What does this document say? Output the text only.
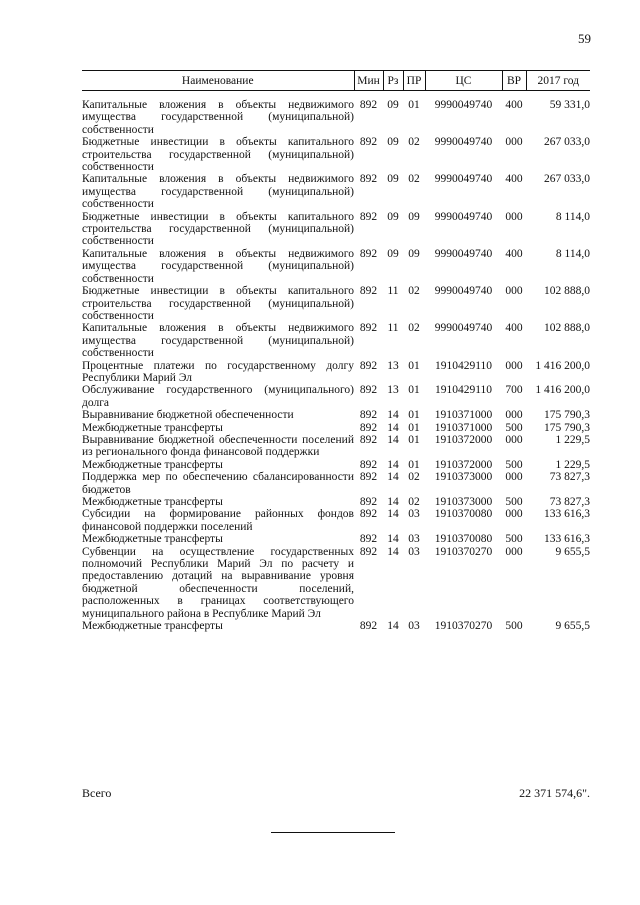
59
Наименование	Мин	Рз	ПР	ЦС	ВР	2017 год
Капитальные вложения в объекты недвижимого имущества государственной (муниципальной) собственности	892	09	01	9990049740	400	59 331,0
Бюджетные инвестиции в объекты капитального строительства государственной (муниципальной) собственности	892	09	02	9990049740	000	267 033,0
Капитальные вложения в объекты недвижимого имущества государственной (муниципальной) собственности	892	09	02	9990049740	400	267 033,0
Бюджетные инвестиции в объекты капитального строительства государственной (муниципальной) собственности	892	09	09	9990049740	000	8 114,0
Капитальные вложения в объекты недвижимого имущества государственной (муниципальной) собственности	892	09	09	9990049740	400	8 114,0
Бюджетные инвестиции в объекты капитального строительства государственной (муниципальной) собственности	892	11	02	9990049740	000	102 888,0
Капитальные вложения в объекты недвижимого имущества государственной (муниципальной) собственности	892	11	02	9990049740	400	102 888,0
Процентные платежи по государственному долгу Республики Марий Эл	892	13	01	1910429110	000	1 416 200,0
Обслуживание государственного (муниципального) долга	892	13	01	1910429110	700	1 416 200,0
Выравнивание бюджетной обеспеченности	892	14	01	1910371000	000	175 790,3
Межбюджетные трансферты	892	14	01	1910371000	500	175 790,3
Выравнивание бюджетной обеспеченности поселений из регионального фонда финансовой поддержки	892	14	01	1910372000	000	1 229,5
Межбюджетные трансферты	892	14	01	1910372000	500	1 229,5
Поддержка мер по обеспечению сбалансированности бюджетов	892	14	02	1910373000	000	73 827,3
Межбюджетные трансферты	892	14	02	1910373000	500	73 827,3
Субсидии на формирование районных фондов финансовой поддержки поселений	892	14	03	1910370080	000	133 616,3
Межбюджетные трансферты	892	14	03	1910370080	500	133 616,3
Субвенции на осуществление государственных полномочий Республики Марий Эл по расчету и предоставлению дотаций на выравнивание уровня бюджетной обеспеченности поселений, расположенных в границах соответствующего муниципального района в Республике Марий Эл	892	14	03	1910370270	000	9 655,5
Межбюджетные трансферты	892	14	03	1910370270	500	9 655,5
Всего	22 371 574,6".
